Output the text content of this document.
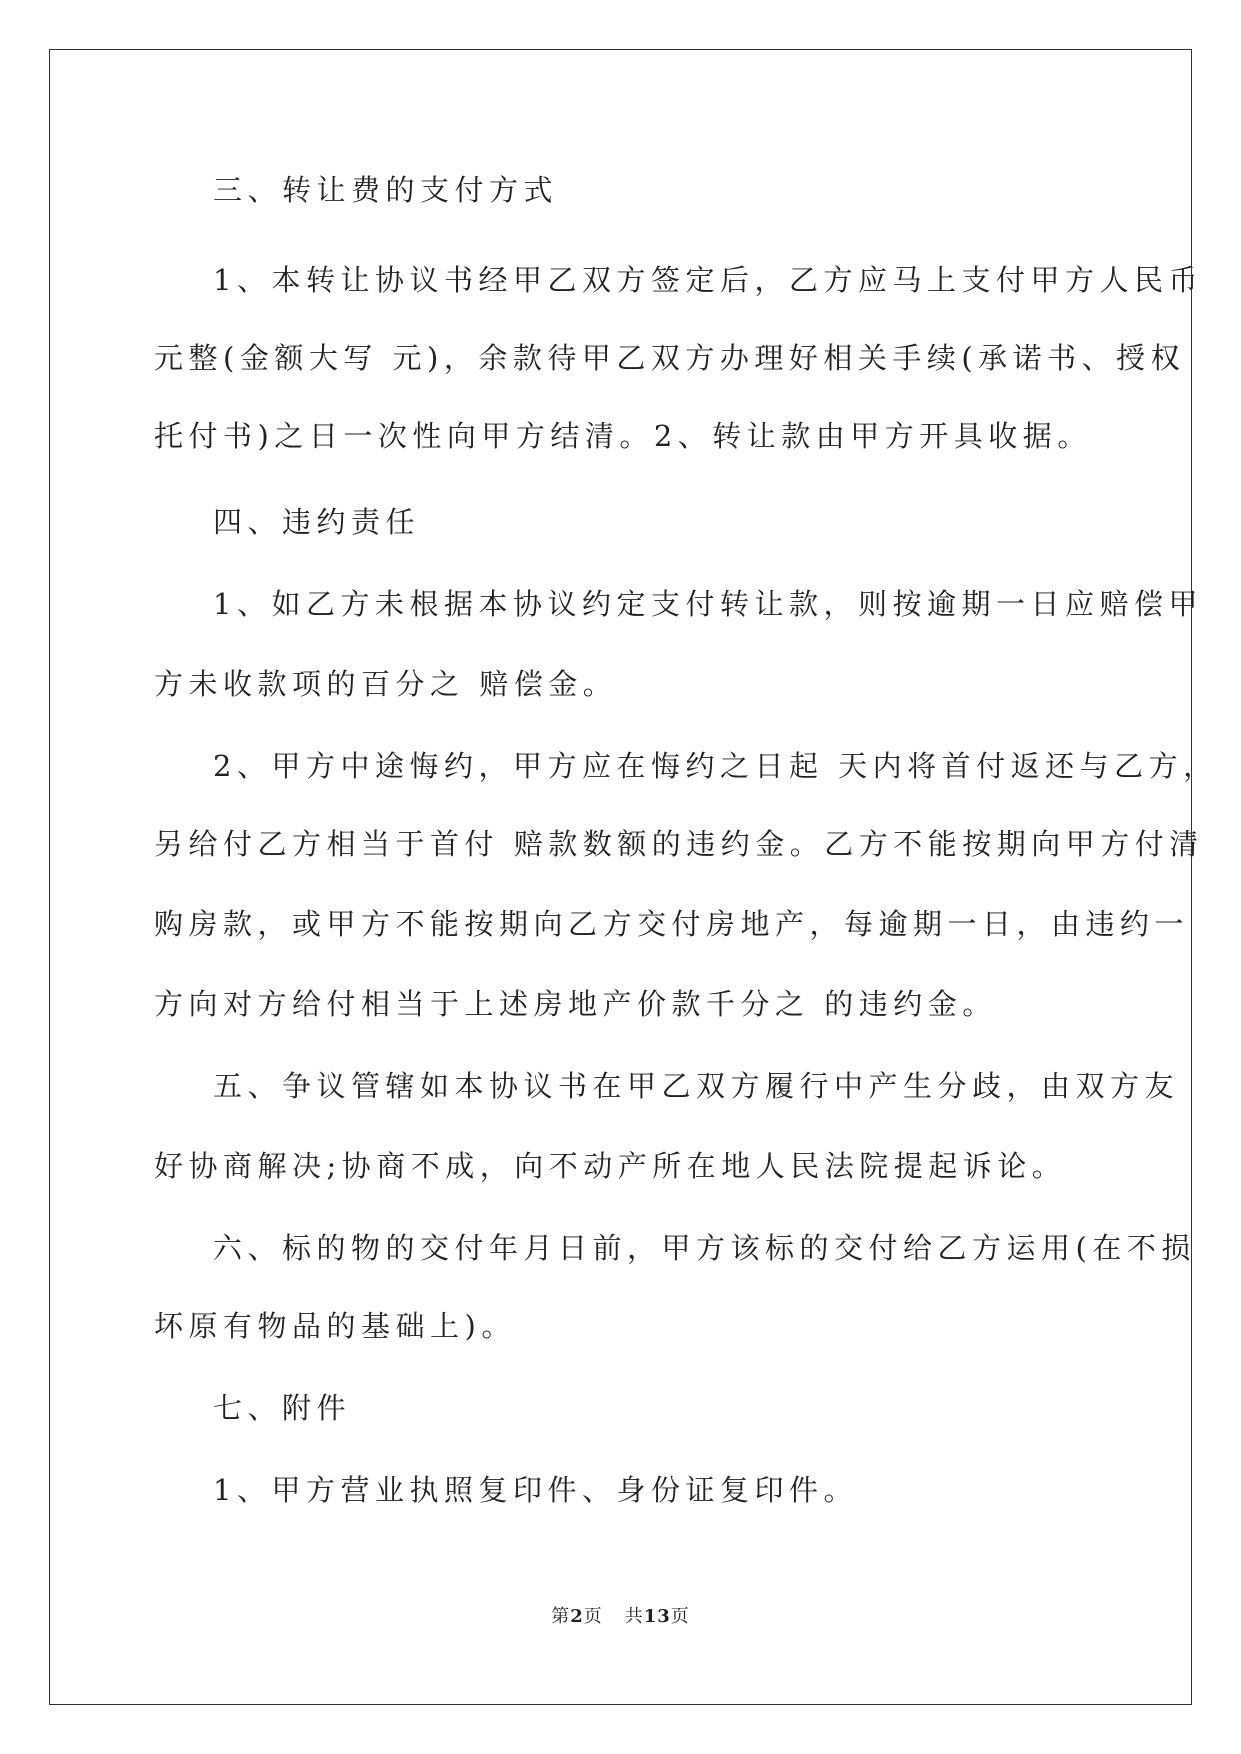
三、转让费的支付方式
1、本转让协议书经甲乙双方签定后，乙方应马上支付甲方人民币
元整(金额大写 元)，余款待甲乙双方办理好相关手续(承诺书、授权
托付书)之日一次性向甲方结清。2、转让款由甲方开具收据。
四、违约责任
1、如乙方未根据本协议约定支付转让款，则按逾期一日应赔偿甲
方未收款项的百分之 赔偿金。
2、甲方中途悔约，甲方应在悔约之日起 天内将首付返还与乙方，
另给付乙方相当于首付 赔款数额的违约金。乙方不能按期向甲方付清
购房款，或甲方不能按期向乙方交付房地产，每逾期一日，由违约一
方向对方给付相当于上述房地产价款千分之 的违约金。
五、争议管辖如本协议书在甲乙双方履行中产生分歧，由双方友
好协商解决;协商不成，向不动产所在地人民法院提起诉论。
六、标的物的交付年月日前，甲方该标的交付给乙方运用(在不损
坏原有物品的基础上)。
七、附件
1、甲方营业执照复印件、身份证复印件。
第2页 共13页
